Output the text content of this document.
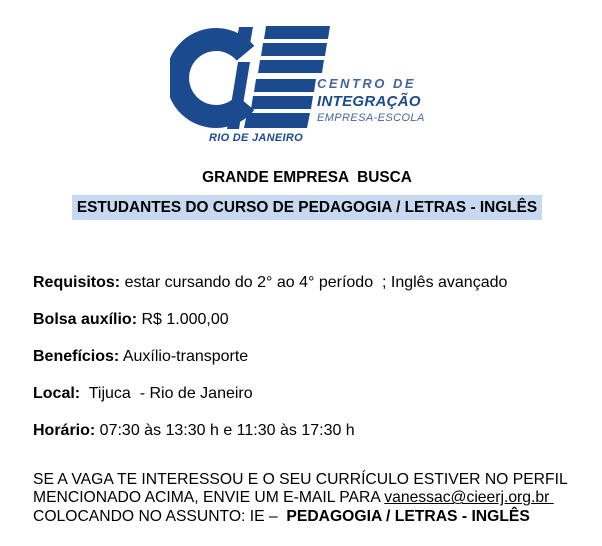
CENTRO DE
INTEGRAÇÃO
EMPRESA-ESCOLA
RIO DE JANEIRO
GRANDE EMPRESA  BUSCA
ESTUDANTES DO CURSO DE PEDAGOGIA / LETRAS - INGLÊS

Requisitos: estar cursando do 2° ao 4° período  ; Inglês avançado

Bolsa auxílio: R$ 1.000,00

Benefícios: Auxílio-transporte

Local:  Tijuca  - Rio de Janeiro

Horário: 07:30 às 13:30 h e 11:30 às 17:30 h

SE A VAGA TE INTERESSOU E O SEU CURRÍCULO ESTIVER NO PERFIL
MENCIONADO ACIMA, ENVIE UM E-MAIL PARA vanessac@cieerj.org.br
COLOCANDO NO ASSUNTO: IE –  PEDAGOGIA / LETRAS - INGLÊS
